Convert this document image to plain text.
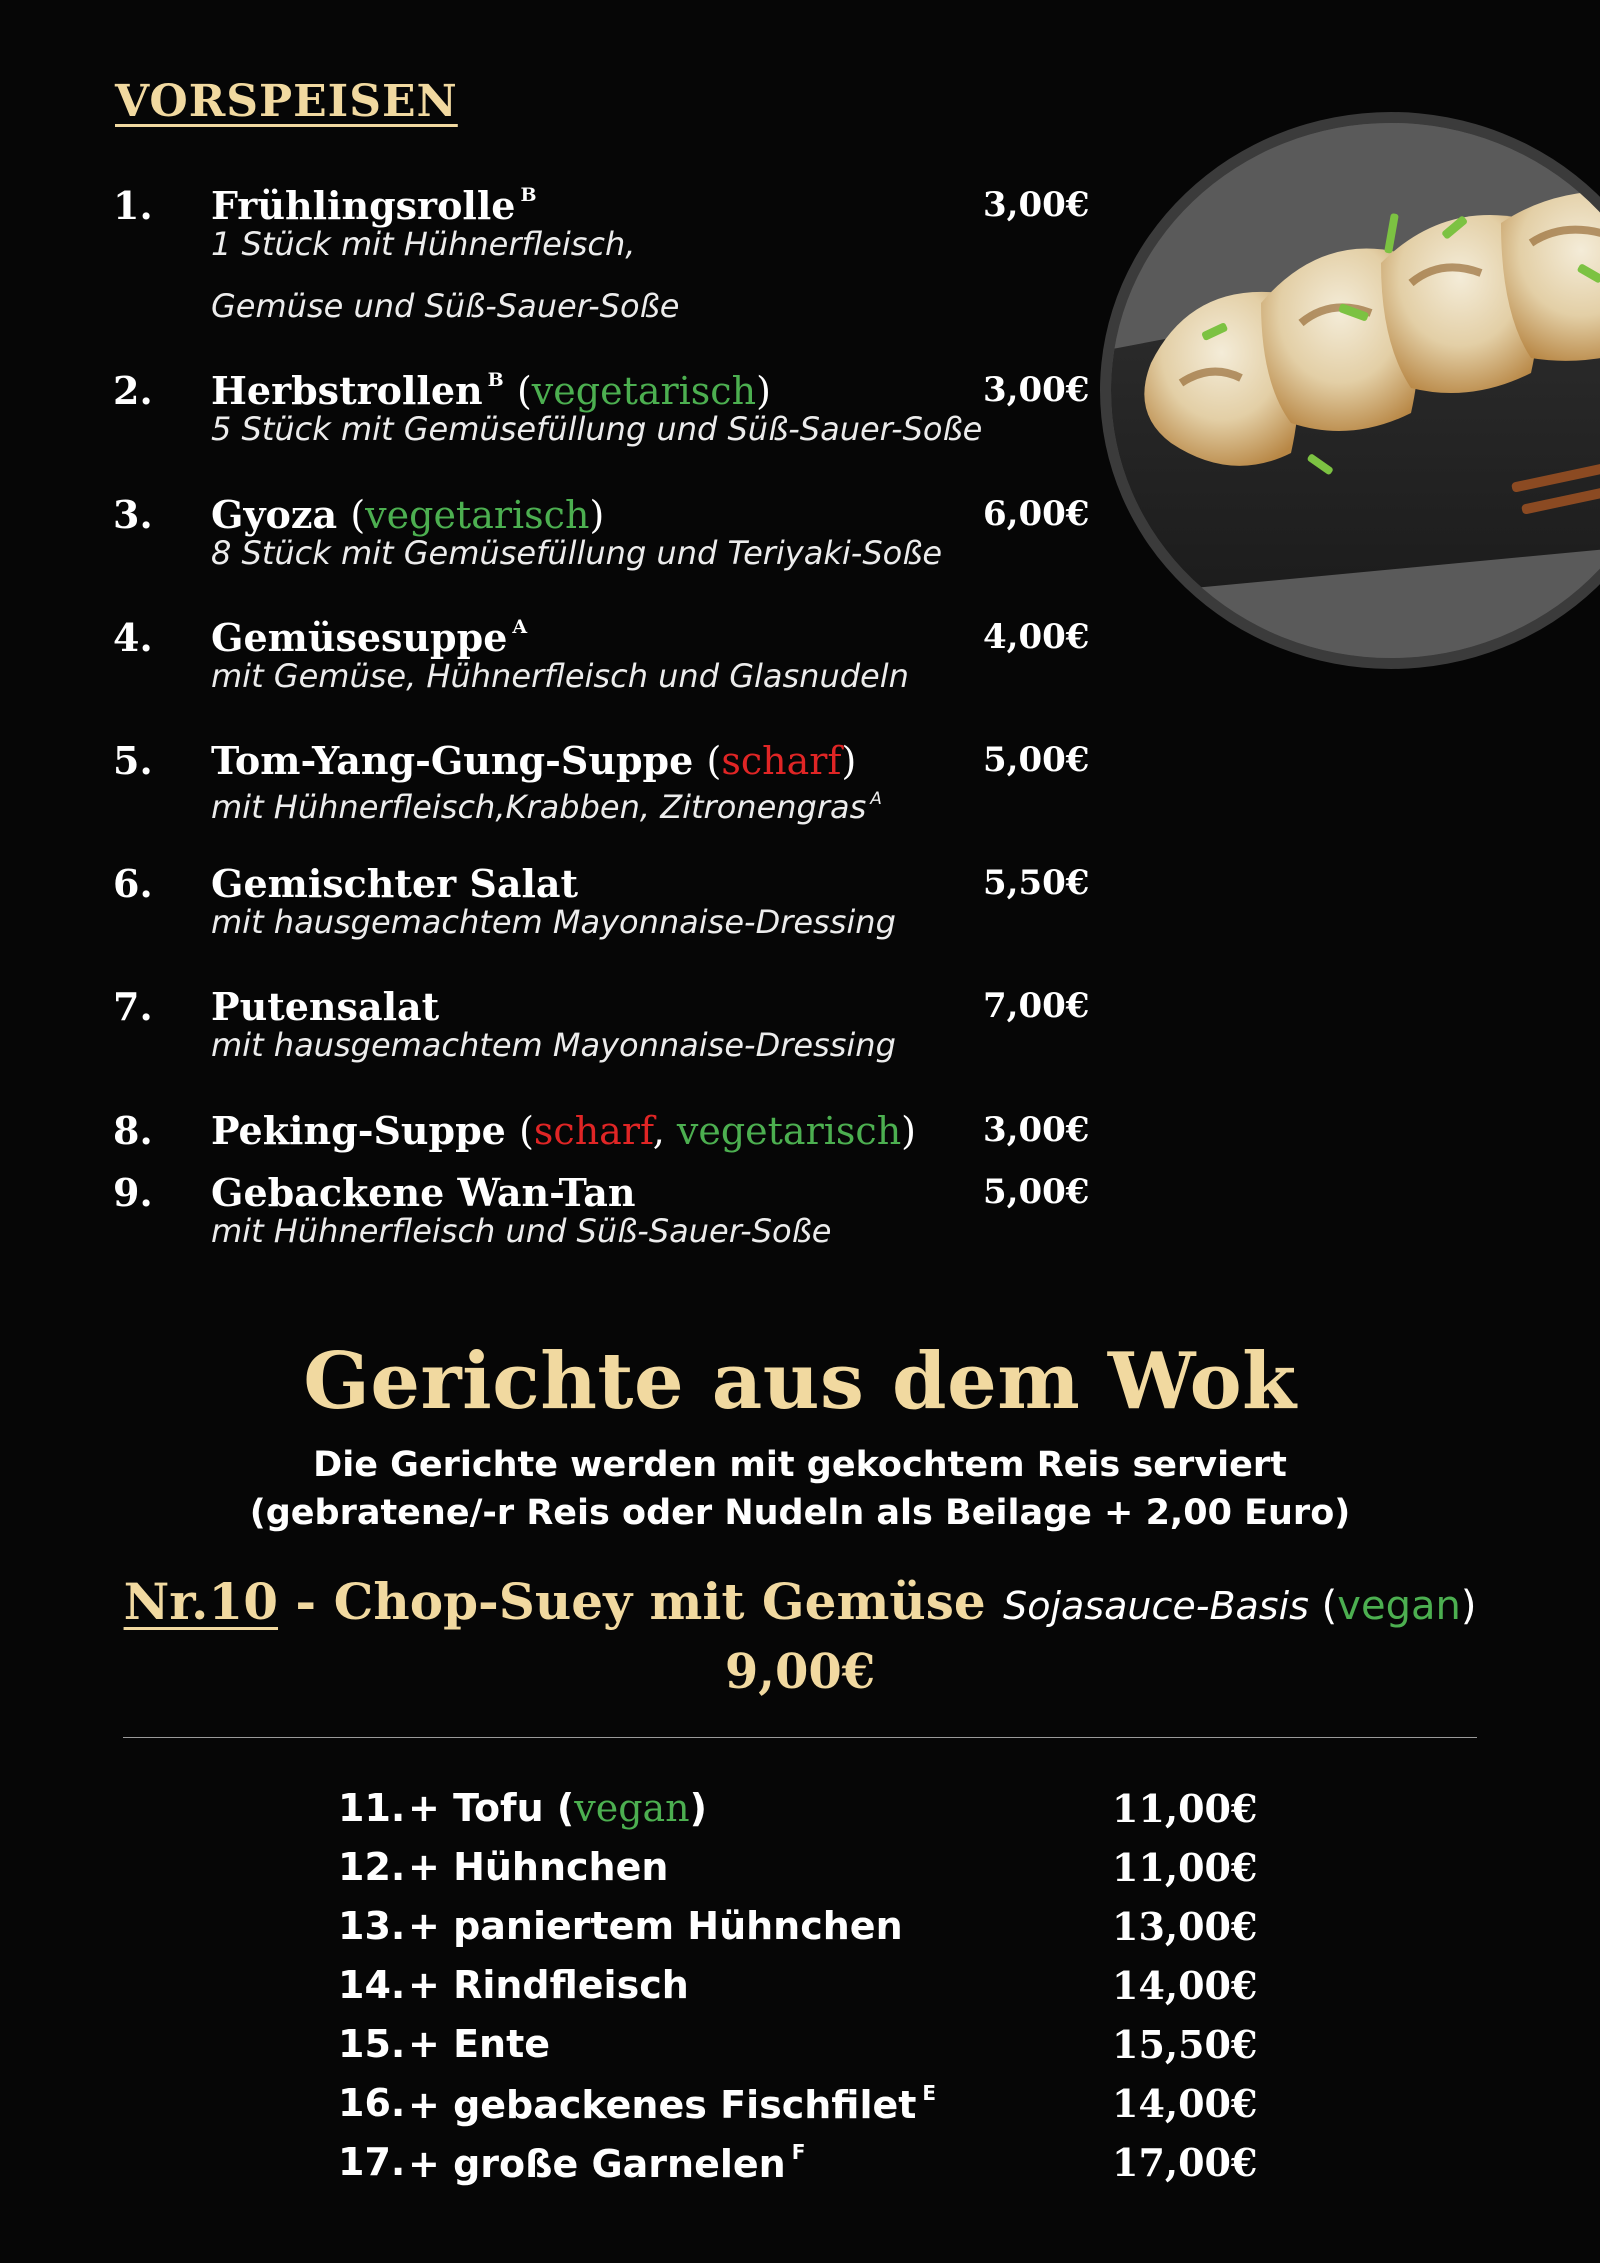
VORSPEISEN
1. Frühlingsrolle $^B$	3,00€
1 Stück mit Hühnerfleisch,
Gemüse und Süß-Sauer-Soße
2. Herbstrollen $^B$ (vegetarisch)	3,00€
5 Stück mit Gemüsefüllung und Süß-Sauer-Soße
3. Gyoza (vegetarisch)	6,00€
8 Stück mit Gemüsefüllung und Teriyaki-Soße
4. Gemüsesuppe $^A$	4,00€
mit Gemüse, Hühnerfleisch und Glasnudeln
5. Tom-Yang-Gung-Suppe (scharf)	5,00€
mit Hühnerfleisch,Krabben, Zitronengras $^A$
6. Gemischter Salat	5,50€
mit hausgemachtem Mayonnaise-Dressing
7. Putensalat	7,00€
mit hausgemachtem Mayonnaise-Dressing
8. Peking-Suppe (scharf, vegetarisch) 3,00€
9. Gebackene Wan-Tan	5,00€
mit Hühnerfleisch und Süß-Sauer-Soße
Gerichte aus dem Wok
Die Gerichte werden mit gekochtem Reis serviert
(gebratene/-r Reis oder Nudeln als Beilage + 2,00 Euro)
Nr.10 - Chop-Suey mit Gemüse Sojasauce-Basis (vegan)
9,00€
11. + Tofu (vegan)	11,00€
12. + Hühnchen	11,00€
13. + paniertem Hühnchen	13,00€
14. + Rindfleisch	14,00€
15. + Ente	15,50€
16. + gebackenes Fischfilet $^E$	14,00€
17. + große Garnelen $^F$	17,00€
